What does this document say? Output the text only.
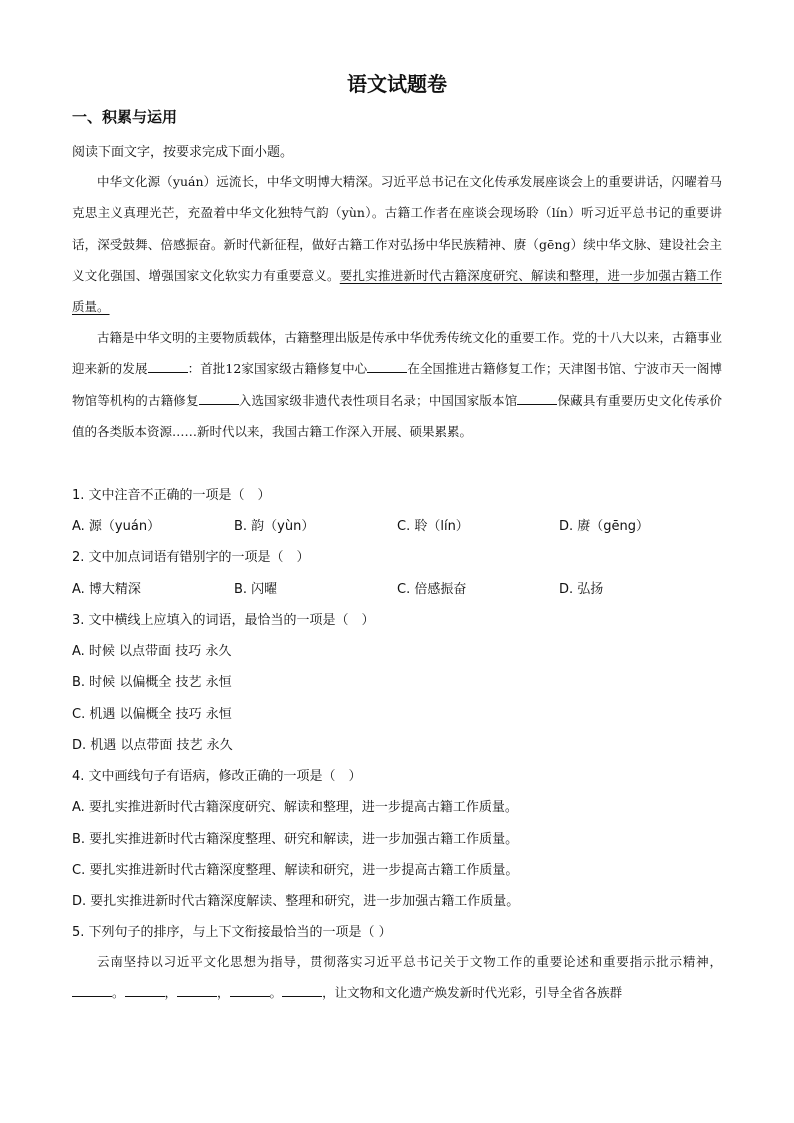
语文试题卷
一、积累与运用
阅读下面文字，按要求完成下面小题。

中华文化源（yuán）远流长，中华文明博大精深。习近平总书记在文化传承发展座谈会上的重要讲话，闪曜着马克思主义真理光芒，充盈着中华文化独特气韵（yùn）。古籍工作者在座谈会现场聆（lín）听习近平总书记的重要讲话，深受鼓舞、倍感振奋。新时代新征程，做好古籍工作对弘扬中华民族精神、赓（gēng）续中华文脉、建设社会主义文化强国、增强国家文化软实力有重要意义。要扎实推进新时代古籍深度研究、解读和整理，进一步加强古籍工作质量。

古籍是中华文明的主要物质载体，古籍整理出版是传承中华优秀传统文化的重要工作。党的十八大以来，古籍事业迎来新的发展	：首批12家国家级古籍修复中心	在全国推进古籍修复工作；天津图书馆、宁波市天一阁博物馆等机构的古籍修复	入选国家级非遗代表性项目名录；中国国家版本馆	保藏具有重要历史文化传承价值的各类版本资源……新时代以来，我国古籍工作深入开展、硕果累累。

1. 文中注音不正确的一项是（　）
A. 源（yuán）	B. 韵（yùn）	C. 聆（lín）	D. 赓（gēng）
2. 文中加点词语有错别字的一项是（　）
A. 博大精深	B. 闪曜	C. 倍感振奋	D. 弘扬
3. 文中横线上应填入的词语，最恰当的一项是（　）
A. 时候 以点带面 技巧 永久
B. 时候 以偏概全 技艺 永恒
C. 机遇 以偏概全 技巧 永恒
D. 机遇 以点带面 技艺 永久
4. 文中画线句子有语病，修改正确的一项是（　）
A. 要扎实推进新时代古籍深度研究、解读和整理，进一步提高古籍工作质量。
B. 要扎实推进新时代古籍深度整理、研究和解读，进一步加强古籍工作质量。
C. 要扎实推进新时代古籍深度整理、解读和研究，进一步提高古籍工作质量。
D. 要扎实推进新时代古籍深度解读、整理和研究，进一步加强古籍工作质量。
5. 下列句子的排序，与上下文衔接最恰当的一项是（ ）

云南坚持以习近平文化思想为指导，贯彻落实习近平总书记关于文物工作的重要论述和重要指示批示精神，。	，	，	。	，让文物和文化遗产焕发新时代光彩，引导全省各族群
